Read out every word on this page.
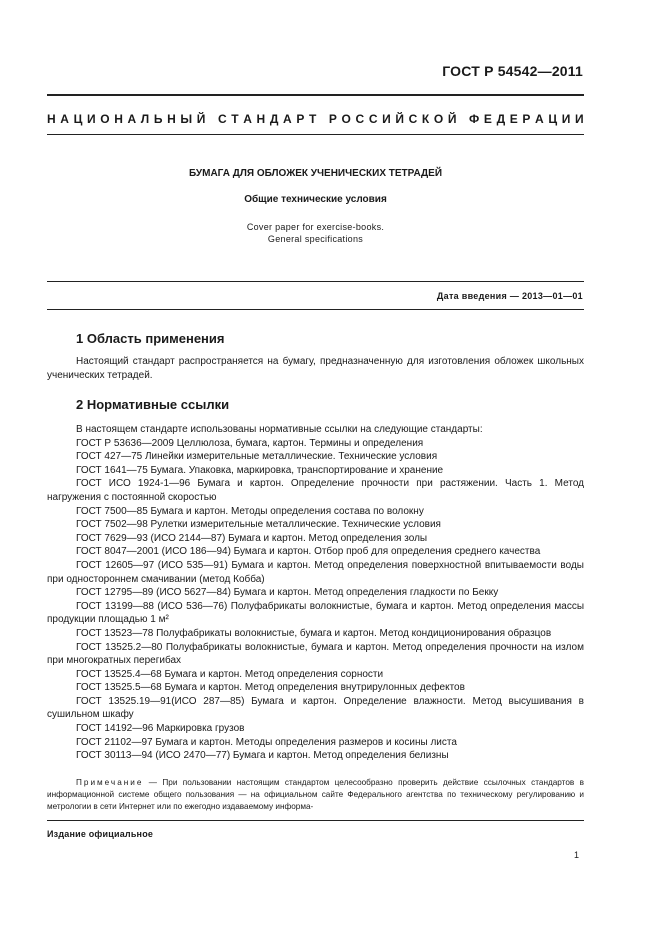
ГОСТ Р 54542—2011
Н А Ц И О Н А Л Ь Н Ы Й
С Т А Н Д А Р Т
Р О С С И Й С К О Й
Ф Е Д Е Р А Ц И И
БУМАГА ДЛЯ ОБЛОЖЕК УЧЕНИЧЕСКИХ ТЕТРАДЕЙ
Общие технические условия
Cover paper for exercise-books.
General specifications
Дата введения — 2013—01—01
1 Область применения
Настоящий стандарт распространяется на бумагу, предназначенную для изготовления обложек школьных ученических тетрадей.
2 Нормативные ссылки
В настоящем стандарте использованы нормативные ссылки на следующие стандарты:
ГОСТ Р 53636—2009 Целлюлоза, бумага, картон. Термины и определения
ГОСТ 427—75 Линейки измерительные металлические. Технические условия
ГОСТ 1641—75 Бумага. Упаковка, маркировка, транспортирование и хранение
ГОСТ ИСО 1924-1—96 Бумага и картон. Определение прочности при растяжении. Часть 1. Метод нагружения с постоянной скоростью
ГОСТ 7500—85 Бумага и картон. Методы определения состава по волокну
ГОСТ 7502—98 Рулетки измерительные металлические. Технические условия
ГОСТ 7629—93 (ИСО 2144—87) Бумага и картон. Метод определения золы
ГОСТ 8047—2001 (ИСО 186—94) Бумага и картон. Отбор проб для определения среднего качества
ГОСТ 12605—97 (ИСО 535—91) Бумага и картон. Метод определения поверхностной впитываемости воды при одностороннем смачивании (метод Кобба)
ГОСТ 12795—89 (ИСО 5627—84) Бумага и картон. Метод определения гладкости по Бекку
ГОСТ 13199—88 (ИСО 536—76) Полуфабрикаты волокнистые, бумага и картон. Метод определения массы продукции площадью 1 м²
ГОСТ 13523—78 Полуфабрикаты волокнистые, бумага и картон. Метод кондиционирования образцов
ГОСТ 13525.2—80 Полуфабрикаты волокнистые, бумага и картон. Метод определения прочности на излом при многократных перегибах
ГОСТ 13525.4—68 Бумага и картон. Метод определения сорности
ГОСТ 13525.5—68 Бумага и картон. Метод определения внутрирулонных дефектов
ГОСТ 13525.19—91(ИСО 287—85) Бумага и картон. Определение влажности. Метод высушивания в сушильном шкафу
ГОСТ 14192—96 Маркировка грузов
ГОСТ 21102—97 Бумага и картон. Методы определения размеров и косины листа
ГОСТ 30113—94 (ИСО 2470—77) Бумага и картон. Метод определения белизны
Примечание — При пользовании настоящим стандартом целесообразно проверить действие ссылочных стандартов в информационной системе общего пользования — на официальном сайте Федерального агентства по техническому регулированию и метрологии в сети Интернет или по ежегодно издаваемому информа-
Издание официальное
1
